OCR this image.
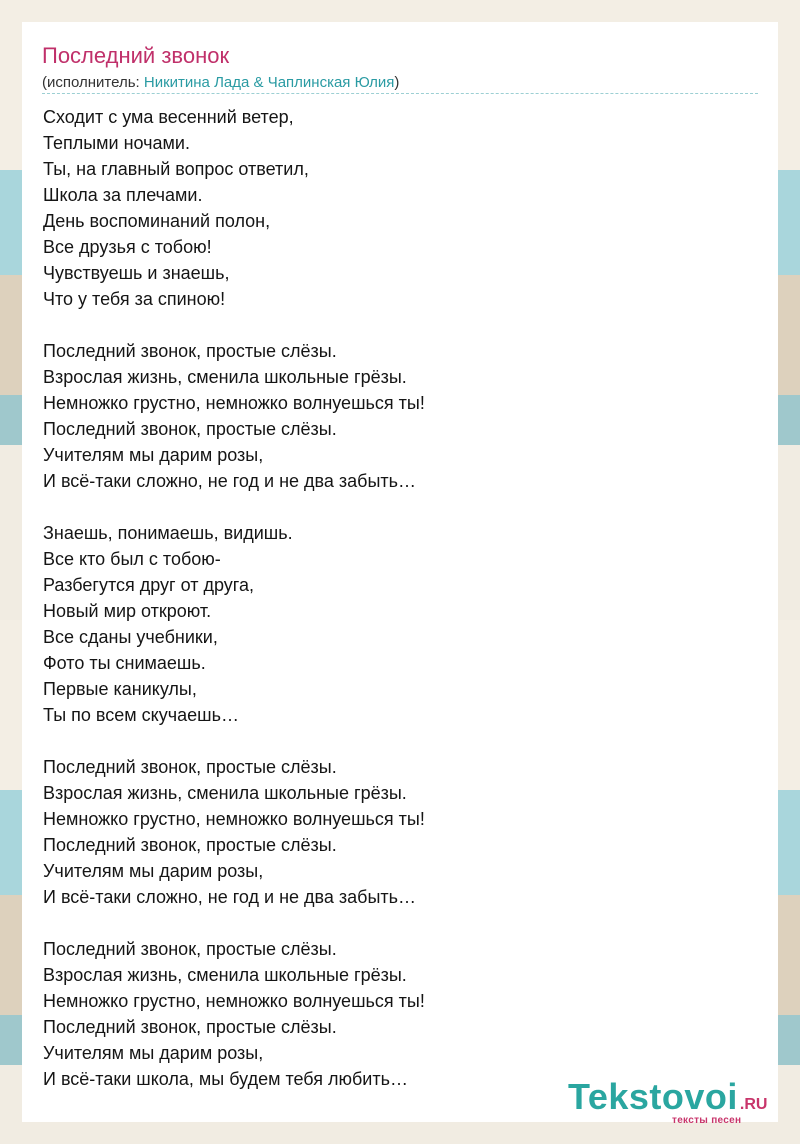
Последний звонок
(исполнитель: Никитина Лада & Чаплинская Юлия)
Сходит с ума весенний ветер,
Теплыми ночами.
Ты, на главный вопрос ответил,
Школа за плечами.
День воспоминаний полон,
Все друзья с тобою!
Чувствуешь и знаешь,
Что у тебя за спиною!
Последний звонок, простые слёзы.
Взрослая жизнь, сменила школьные грёзы.
Немножко грустно, немножко волнуешься ты!
Последний звонок, простые слёзы.
Учителям мы дарим розы,
И всё-таки сложно, не год и не два забыть…
Знаешь, понимаешь, видишь.
Все кто был с тобою-
Разбегутся друг от друга,
Новый мир откроют.
Все сданы учебники,
Фото ты снимаешь.
Первые каникулы,
Ты по всем скучаешь…
Последний звонок, простые слёзы.
Взрослая жизнь, сменила школьные грёзы.
Немножко грустно, немножко волнуешься ты!
Последний звонок, простые слёзы.
Учителям мы дарим розы,
И всё-таки сложно, не год и не два забыть…
Последний звонок, простые слёзы.
Взрослая жизнь, сменила школьные грёзы.
Немножко грустно, немножко волнуешься ты!
Последний звонок, простые слёзы.
Учителям мы дарим розы,
И всё-таки школа, мы будем тебя любить…	Tekstovoi .RU
тексты песен
